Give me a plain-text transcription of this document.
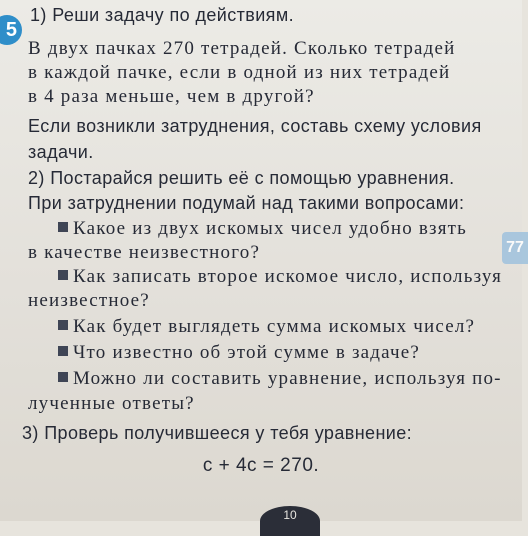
5
1) Реши задачу по действиям.
В двух пачках 270 тетрадей. Сколько тетрадей
в каждой пачке, если в одной из них тетрадей
в 4 раза меньше, чем в другой?
Если возникли затруднения, составь схему условия
задачи.
2) Постарайся решить её с помощью уравнения.
При затруднении подумай над такими вопросами:
Какое из двух искомых чисел удобно взять
в качестве неизвестного?
Как записать второе искомое число, используя
неизвестное?
Как будет выглядеть сумма искомых чисел?
Что известно об этой сумме в задаче?
Можно ли составить уравнение, используя по-
лученные ответы?
3) Проверь получившееся у тебя уравнение:
c + 4c = 270.
77
10
